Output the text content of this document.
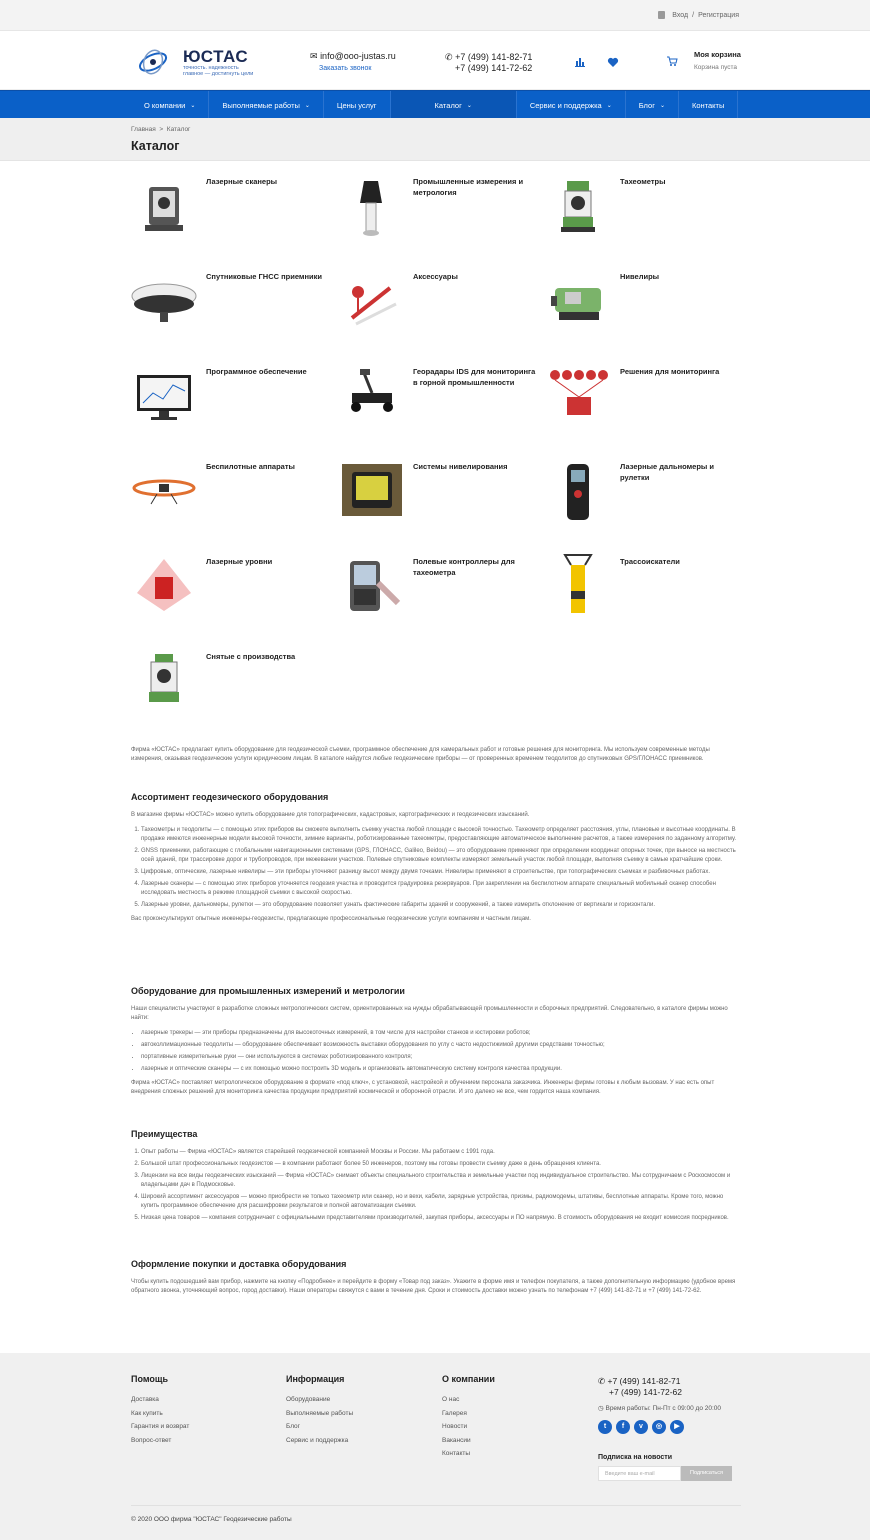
Вход / Регистрация
ЮСТАС
точность. надежность
главное — достигнуть цели
✉ info@ooo-justas.ru
Заказать звонок
✆ +7 (499) 141-82-71
+7 (499) 141-72-62
Моя корзина
Корзина пуста
О компании ⌄	Выполняемые работы ⌄	Цены услуг	Каталог ⌄	Сервис и поддержка ⌄	Блог ⌄	Контакты
Главная > Каталог
Каталог
Лазерные сканеры	Промышленные измерения и метрология
Тахеометры
Спутниковые ГНСС приемники	Аксессуары	Нивелиры
Программное обеспечение	Георадары IDS для мониторинга в горной промышленности
Решения для мониторинга
Беспилотные аппараты	Системы нивелирования	Лазерные дальномеры и рулетки
Лазерные уровни	Полевые контроллеры для тахеометра
Трассоискатели
Снятые с производства
Фирма «ЮСТАС» предлагает купить оборудование для геодезической съемки, программное обеспечение для камеральных работ и готовые решения для мониторинга. Мы используем современные методы измерения, оказывая геодезические услуги юридическим лицам. В каталоге найдутся любые геодезические приборы — от проверенных временем теодолитов до спутниковых GPS/ГЛОНАСС приемников.
Ассортимент геодезического оборудования

В магазине фирмы «ЮСТАС» можно купить оборудование для топографических, кадастровых, картографических и геодезических изысканий.

1. Тахеометры и теодолиты — с помощью этих приборов вы сможете выполнить съемку участка любой площади с высокой точностью. Тахеометр определяет расстояния, углы, плановые и высотные координаты. В продаже имеются инженерные модели высокой точности, зимние варианты, роботизированные тахеометры, предоставляющие автоматическое выполнение расчетов, а также измерения по заданному алгоритму.
2. GNSS приемники, работающие с глобальными навигационными системами (GPS, ГЛОНАСС, Galileo, Beidou) — это оборудование применяют при определении координат опорных точек, при выносе на местность осей зданий, при трассировке дорог и трубопроводов, при межевании участков. Полевые спутниковые комплекты измеряют земельный участок любой площади, выполняя съемку в самые кратчайшие сроки.
3. Цифровые, оптические, лазерные нивелиры — эти приборы уточняют разницу высот между двумя точками. Нивелиры применяют в строительстве, при топографических съемках и разбивочных работах.
4. Лазерные сканеры — с помощью этих приборов уточняется геодезия участка и проводится градуировка резервуаров. При закреплении на беспилотном аппарате специальный мобильный сканер способен исследовать местность в режиме площадной съемки с высокой скоростью.
5. Лазерные уровни, дальномеры, рулетки — это оборудование позволяет узнать фактические габариты зданий и сооружений, а также измерить отклонение от вертикали и горизонтали.

Вас проконсультируют опытные инженеры-геодезисты, предлагающие профессиональные геодезические услуги компаниям и частным лицам.

Оборудование для промышленных измерений и метрологии

Наши специалисты участвуют в разработке сложных метрологических систем, ориентированных на нужды обрабатывающей промышленности и сборочных предприятий. Следовательно, в каталоге фирмы можно найти:

• лазерные трекеры — эти приборы предназначены для высокоточных измерений, в том числе для настройки станков и юстировки роботов;
• автоколлимационные теодолиты — оборудование обеспечивает возможность выставки оборудования по углу с часто недостижимой другими средствами точностью;
• портативные измерительные руки — они используются в системах роботизированного контроля;
• лазерные и оптические сканеры — с их помощью можно построить 3D модель и организовать автоматическую систему контроля качества продукции.

Фирма «ЮСТАС» поставляет метрологическое оборудование в формате «под ключ», с установкой, настройкой и обучением персонала заказчика. Инженеры фирмы готовы к любым вызовам. У нас есть опыт внедрения сложных решений для мониторинга качества продукции предприятий космической и оборонной отрасли. И это далеко не все, чем гордится наша компания.

Преимущества
1. Опыт работы — Фирма «ЮСТАС» является старейшей геодезической компанией Москвы и России. Мы работаем с 1991 года.
2. Большой штат профессиональных геодезистов — в компании работают более 50 инженеров, поэтому мы готовы провести съемку даже в день обращения клиента.
3. Лицензии на все виды геодезических изысканий — Фирма «ЮСТАС» снимает объекты специального строительства и земельные участки под индивидуальное строительство. Мы сотрудничаем с Роскосмосом и владельцами дач в Подмосковье.
4. Широкий ассортимент аксессуаров — можно приобрести не только тахеометр или сканер, но и вехи, кабели, зарядные устройства, призмы, радиомодемы, штативы, бесплотные аппараты. Кроме того, можно купить программное обеспечение для расшифровки результатов и полной автоматизации съемки.
5. Низкая цена товаров — компания сотрудничает с официальными представителями производителей, закупая приборы, аксессуары и ПО напрямую. В стоимость оборудования не входит комиссия посредников.
Оформление покупки и доставка оборудования

Чтобы купить подошедший вам прибор, нажмите на кнопку «Подробнее» и перейдите в форму «Товар под заказ». Укажите в форме имя и телефон покупателя, а также дополнительную информацию (удобное время обратного звонка, уточняющий вопрос, город доставки). Наши операторы свяжутся с вами в течение дня. Сроки и стоимость доставки можно узнать по телефонам +7 (499) 141-82-71 и +7 (499) 141-72-62.

Помощь
Доставка
Как купить
Гарантия и возврат
Вопрос-ответ
Информация
Оборудование
Выполняемые работы
Блог
Сервис и поддержка
О компании
О нас
Галерея
Новости
Вакансии
Контакты
✆ +7 (499) 141-82-71
+7 (499) 141-72-62
◷ Время работы: Пн-Пт с 09:00 до 20:00
t	f	v	◎	▶
Подписка на новости
Введите ваш e-mail	Подписаться
© 2020 ООО фирма "ЮСТАС" Геодезические работы
